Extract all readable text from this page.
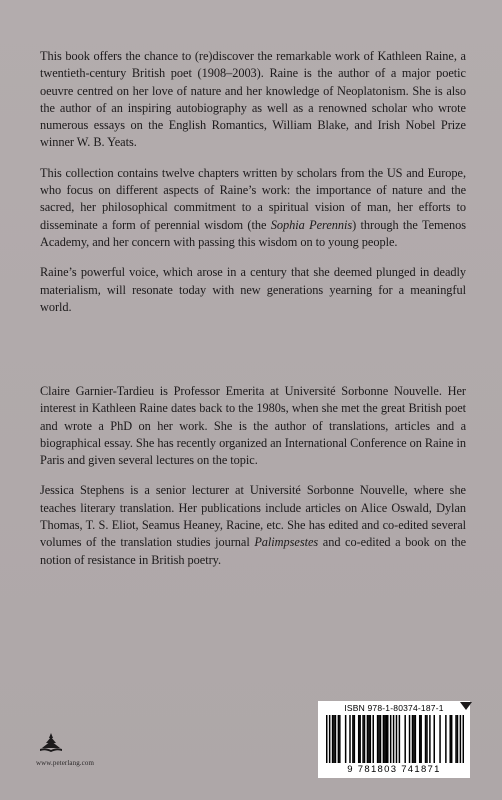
This book offers the chance to (re)discover the remarkable work of Kathleen Raine, a twentieth-century British poet (1908–2003). Raine is the author of a major poetic oeuvre centred on her love of nature and her knowledge of Neoplatonism. She is also the author of an inspiring autobiography as well as a renowned scholar who wrote numerous essays on the English Romantics, William Blake, and Irish Nobel Prize winner W. B. Yeats.

This collection contains twelve chapters written by scholars from the US and Europe, who focus on different aspects of Raine’s work: the importance of nature and the sacred, her philosophical commitment to a spiritual vision of man, her efforts to disseminate a form of perennial wisdom (the Sophia Perennis) through the Temenos Academy, and her concern with passing this wisdom on to young people.

Raine’s powerful voice, which arose in a century that she deemed plunged in deadly materialism, will resonate today with new generations yearning for a meaningful world.

Claire Garnier-Tardieu is Professor Emerita at Université Sorbonne Nouvelle. Her interest in Kathleen Raine dates back to the 1980s, when she met the great British poet and wrote a PhD on her work. She is the author of translations, articles and a biographical essay. She has recently organized an International Conference on Raine in Paris and given several lectures on the topic.

Jessica Stephens is a senior lecturer at Université Sorbonne Nouvelle, where she teaches literary translation. Her publications include articles on Alice Oswald, Dylan Thomas, T. S. Eliot, Seamus Heaney, Racine, etc. She has edited and co-edited several volumes of the translation studies journal Palimpsestes and co-edited a book on the notion of resistance in British poetry.

www.peterlang.com
ISBN 978-1-80374-187-1
9 781803 741871
